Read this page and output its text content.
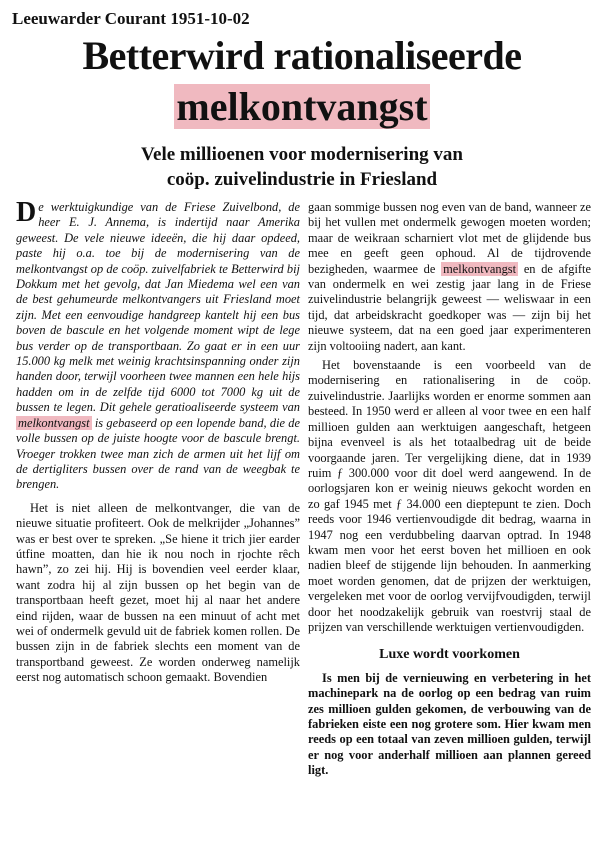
Leeuwarder Courant 1951-10-02
Betterwird rationaliseerde
melkontvangst
Vele millioenen voor modernisering van
coöp. zuivelindustrie in Friesland

De werktuigkundige van de Friese Zuivelbond, de heer E. J. Annema, is indertijd naar Amerika geweest. De vele nieuwe ideeën, die hij daar opdeed, paste hij o.a. toe bij de modernisering van de melkontvangst op de coöp. zuivelfabriek te Betterwird bij Dokkum met het gevolg, dat Jan Miedema wel een van de best gehumeurde melkontvangers uit Friesland moet zijn. Met een eenvoudige handgreep kantelt hij een bus boven de bascule en het volgende moment wipt de lege bus verder op de transportbaan. Zo gaat er in een uur 15.000 kg melk met weinig krachtsinspanning onder zijn handen door, terwijl voorheen twee mannen een hele hijs hadden om in de zelfde tijd 6000 tot 7000 kg uit de bussen te legen. Dit gehele geratioaliseerde systeem van melkontvangst is gebaseerd op een lopende band, die de volle bussen op de juiste hoogte voor de bascule brengt. Vroeger trokken twee man zich de armen uit het lijf om de dertigliters bussen over de rand van de weegbak te brengen.

Het is niet alleen de melkontvanger, die van de nieuwe situatie profiteert. Ook de melkrijder „Johannes” was er best over te spreken. „Se hiene it trich jier earder útfine moatten, dan hie ik nou noch in rjochte rêch hawn”, zo zei hij. Hij is bovendien veel eerder klaar, want zodra hij al zijn bussen op het begin van de transportbaan heeft gezet, moet hij al naar het andere eind rijden, waar de bussen na een minuut of acht met wei of ondermelk gevuld uit de fabriek komen rollen. De bussen zijn in de fabriek slechts een moment van de transportband geweest. Ze worden onderweg namelijk eerst nog automatisch schoon gemaakt. Bovendien

gaan sommige bussen nog even van de band, wanneer ze bij het vullen met ondermelk gewogen moeten worden; maar de weikraan scharniert vlot met de glijdende bus mee en geeft geen ophoud. Al de tijdrovende bezigheden, waarmee de melkontvangst en de afgifte van ondermelk en wei zestig jaar lang in de Friese zuivelindustrie belangrijk geweest — weliswaar in een tijd, dat arbeidskracht goedkoper was — zijn bij het nieuwe systeem, dat na een goed jaar experimenteren zijn voltooiing nadert, aan kant.

Het bovenstaande is een voorbeeld van de modernisering en rationalisering in de coöp. zuivelindustrie. Jaarlijks worden er enorme sommen aan besteed. In 1950 werd er alleen al voor twee en een half millioen gulden aan werktuigen aangeschaft, hetgeen bijna evenveel is als het totaalbedrag uit de beide voorgaande jaren. Ter vergelijking diene, dat in 1939 ruim ƒ 300.000 voor dit doel werd aangewend. In de oorlogsjaren kon er weinig nieuws gekocht worden en zo gaf 1945 met ƒ 34.000 een dieptepunt te zien. Doch reeds voor 1946 vertienvoudigde dit bedrag, waarna in 1947 nog een verdubbeling daarvan optrad. In 1948 kwam men voor het eerst boven het millioen en ook nadien bleef de stijgende lijn behouden. In aanmerking moet worden genomen, dat de prijzen der werktuigen, vergeleken met voor de oorlog vervijfvoudigden, terwijl door het noodzakelijk gebruik van roestvrij staal de prijzen van verschillende werktuigen vertienvoudigden.

Luxe wordt voorkomen

Is men bij de vernieuwing en verbetering in het machinepark na de oorlog op een bedrag van ruim zes millioen gulden gekomen, de verbouwing van de fabrieken eiste een nog grotere som. Hier kwam men reeds op een totaal van zeven millioen gulden, terwijl er nog voor anderhalf millioen aan plannen gereed ligt.
